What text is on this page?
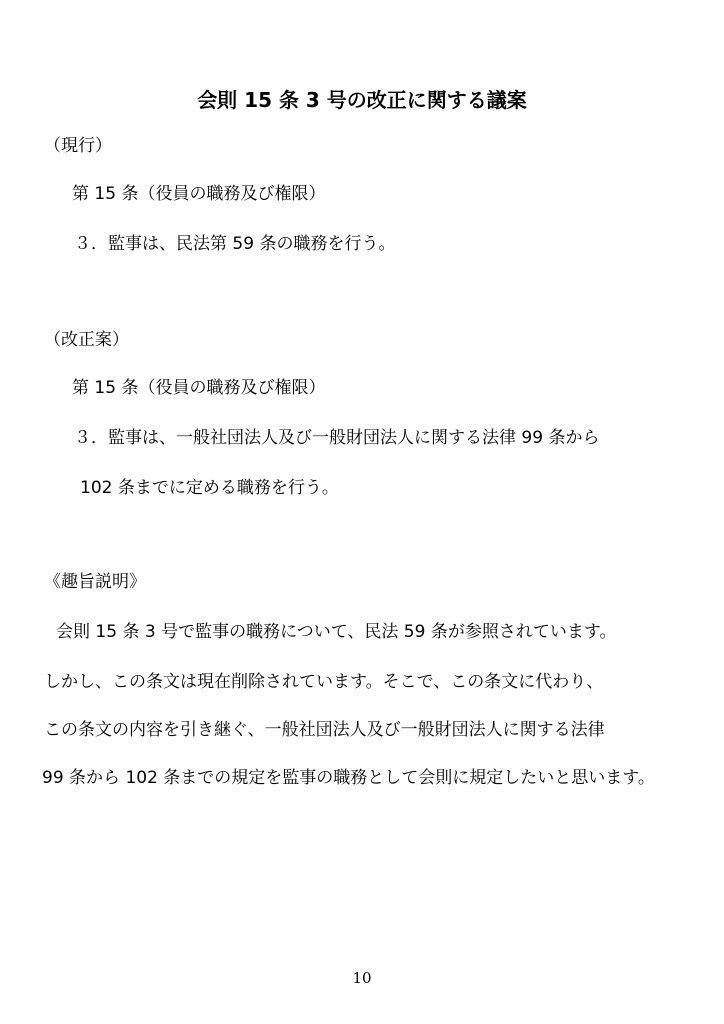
会則 15 条 3 号の改正に関する議案
（現行）
第 15 条（役員の職務及び権限）
３．監事は、民法第 59 条の職務を行う。
（改正案）
第 15 条（役員の職務及び権限）
３．監事は、一般社団法人及び一般財団法人に関する法律 99 条から
102 条までに定める職務を行う。
《趣旨説明》
会則 15 条 3 号で監事の職務について、民法 59 条が参照されています。
しかし、この条文は現在削除されています。そこで、この条文に代わり、
この条文の内容を引き継ぐ、一般社団法人及び一般財団法人に関する法律
99 条から 102 条までの規定を監事の職務として会則に規定したいと思います。
10
